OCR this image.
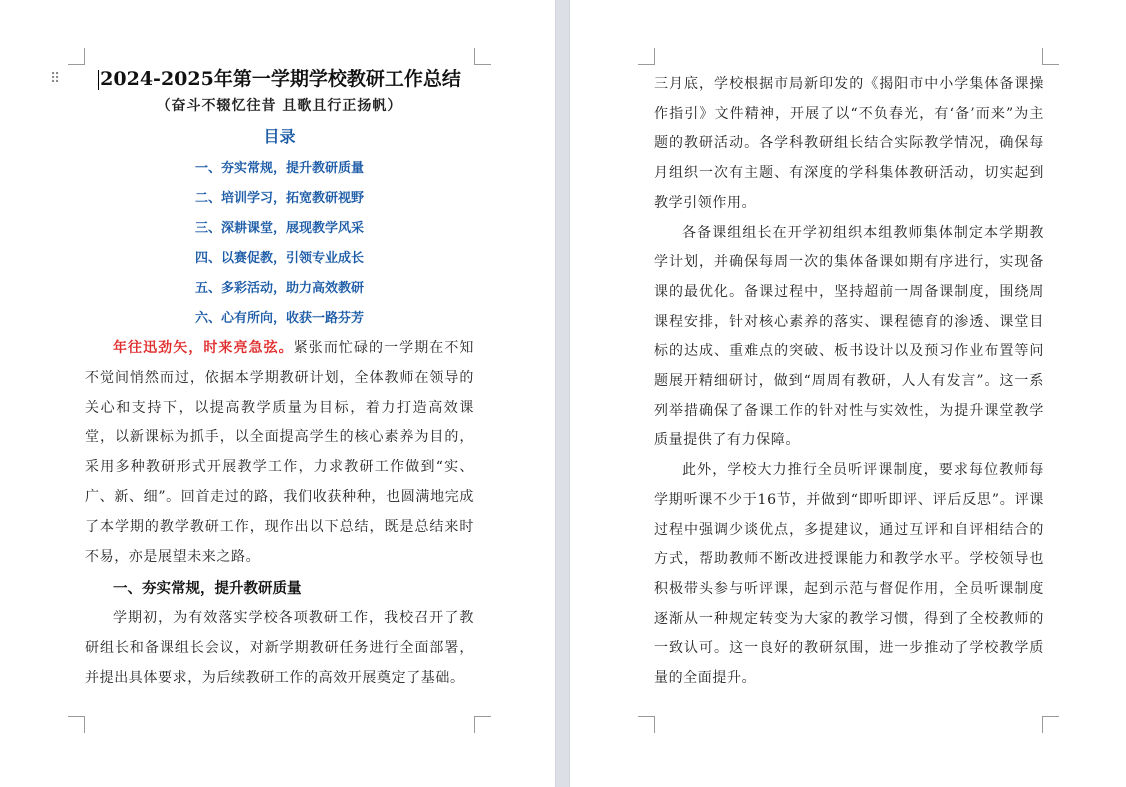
⠿	2024-2025年第一学期学校教研工作总结
（奋斗不辍忆往昔 且歌且行正扬帆）
目录
一、夯实常规，提升教研质量
二、培训学习，拓宽教研视野
三、深耕课堂，展现教学风采
四、以赛促教，引领专业成长
五、多彩活动，助力高效教研
六、心有所向，收获一路芬芳

年往迅劲矢，时来亮急弦。紧张而忙碌的一学期在不知不觉间悄然而过，依据本学期教研计划，全体教师在领导的关心和支持下，以提高教学质量为目标，着力打造高效课堂，以新课标为抓手，以全面提高学生的核心素养为目的，采用多种教研形式开展教学工作，力求教研工作做到“实、广、新、细”。回首走过的路，我们收获种种，也圆满地完成了本学期的教学教研工作，现作出以下总结，既是总结来时不易，亦是展望未来之路。

一、夯实常规，提升教研质量

学期初，为有效落实学校各项教研工作，我校召开了教研组长和备课组长会议，对新学期教研任务进行全面部署，并提出具体要求，为后续教研工作的高效开展奠定了基础。

三月底，学校根据市局新印发的《揭阳市中小学集体备课操作指引》文件精神，开展了以“不负春光，有‘备’而来”为主题的教研活动。各学科教研组长结合实际教学情况，确保每月组织一次有主题、有深度的学科集体教研活动，切实起到教学引领作用。

各备课组组长在开学初组织本组教师集体制定本学期教学计划，并确保每周一次的集体备课如期有序进行，实现备课的最优化。备课过程中，坚持超前一周备课制度，围绕周课程安排，针对核心素养的落实、课程德育的渗透、课堂目标的达成、重难点的突破、板书设计以及预习作业布置等问题展开精细研讨，做到“周周有教研，人人有发言”。这一系列举措确保了备课工作的针对性与实效性，为提升课堂教学质量提供了有力保障。

此外，学校大力推行全员听评课制度，要求每位教师每学期听课不少于16节，并做到“即听即评、评后反思”。评课过程中强调少谈优点，多提建议，通过互评和自评相结合的方式，帮助教师不断改进授课能力和教学水平。学校领导也积极带头参与听评课，起到示范与督促作用，全员听课制度逐渐从一种规定转变为大家的教学习惯，得到了全校教师的一致认可。这一良好的教研氛围，进一步推动了学校教学质量的全面提升。
